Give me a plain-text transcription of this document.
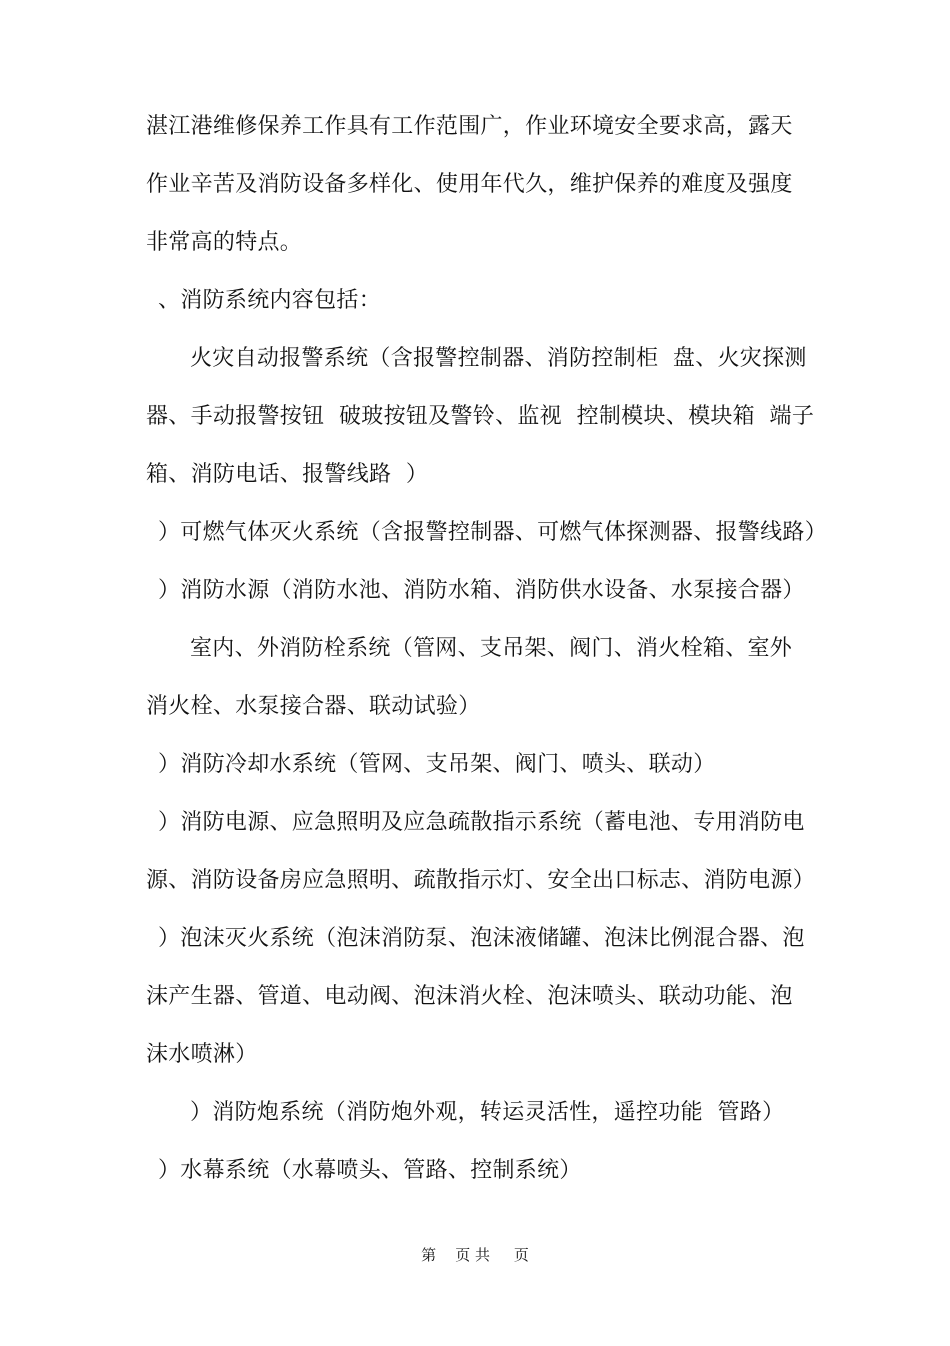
湛江港维修保养工作具有工作范围广，作业环境安全要求高，露天
作业辛苦及消防设备多样化、使用年代久，维护保养的难度及强度
非常高的特点。
、消防系统内容包括：
火灾自动报警系统（含报警控制器、消防控制柜  盘、火灾探测
器、手动报警按钮  破玻按钮及警铃、监视  控制模块、模块箱  端子
箱、消防电话、报警线路  ）
）可燃气体灭火系统（含报警控制器、可燃气体探测器、报警线路）
）消防水源（消防水池、消防水箱、消防供水设备、水泵接合器）
室内、外消防栓系统（管网、支吊架、阀门、消火栓箱、室外
消火栓、水泵接合器、联动试验）
）消防冷却水系统（管网、支吊架、阀门、喷头、联动）
）消防电源、应急照明及应急疏散指示系统（蓄电池、专用消防电
源、消防设备房应急照明、疏散指示灯、安全出口标志、消防电源）
）泡沫灭火系统（泡沫消防泵、泡沫液储罐、泡沫比例混合器、泡
沫产生器、管道、电动阀、泡沫消火栓、泡沫喷头、联动功能、泡
沫水喷淋）
）消防炮系统（消防炮外观，转运灵活性，遥控功能  管路）
）水幕系统（水幕喷头、管路、控制系统）
第    页 共     页
